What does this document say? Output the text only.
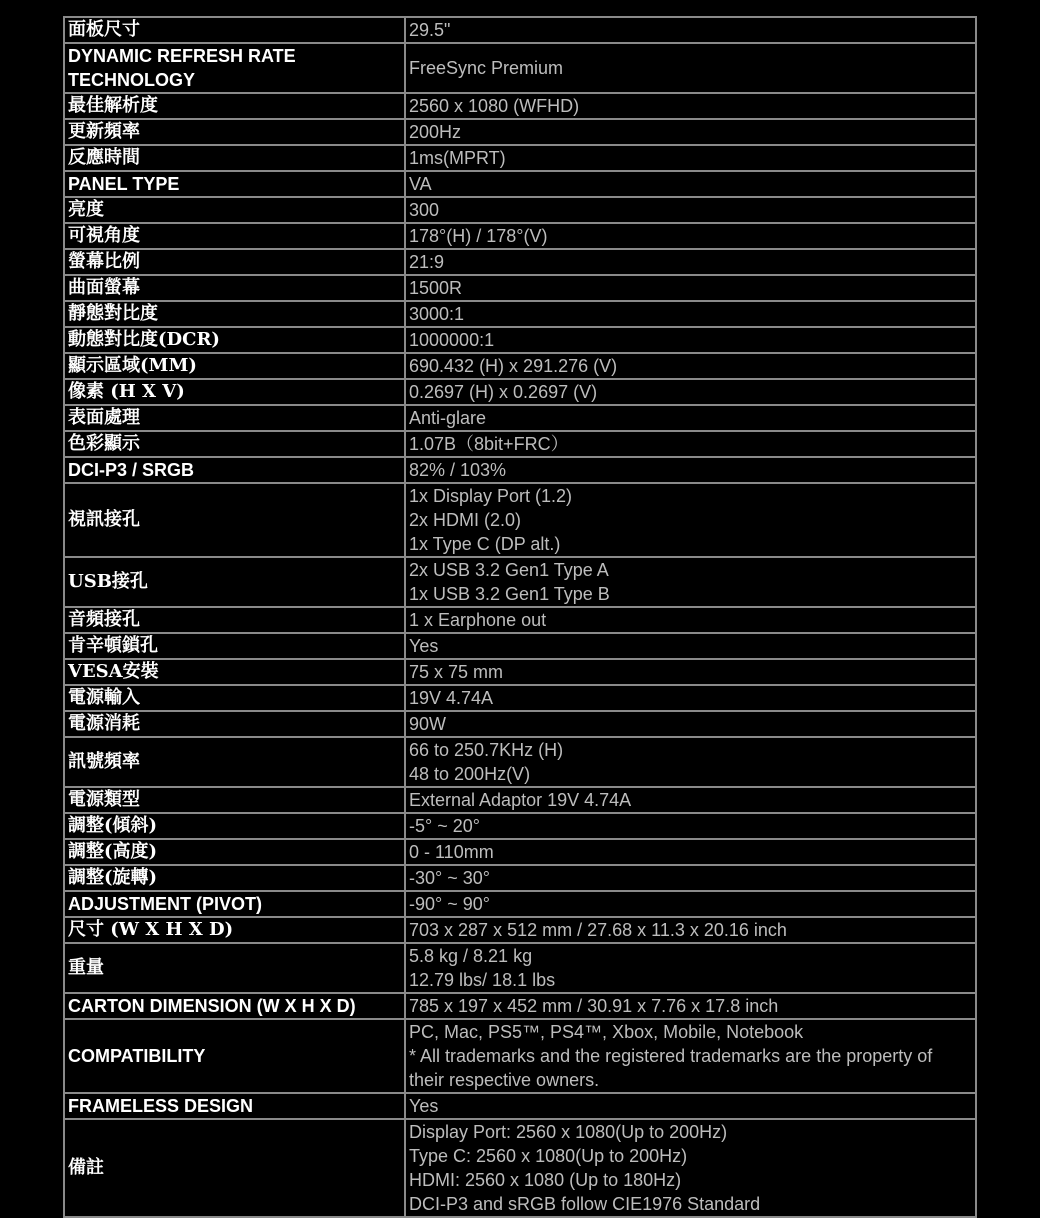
面板尺寸	29.5"

DYNAMIC REFRESH RATE TECHNOLOGY	FreeSync Premium

最佳解析度	2560 x 1080 (WFHD)

更新頻率	200Hz

反應時間	1ms(MPRT)

PANEL TYPE	VA

亮度	300

可視角度	178°(H) / 178°(V)

螢幕比例	21:9

曲面螢幕	1500R

靜態對比度	3000:1

動態對比度(DCR)	1000000:1

顯示區域(MM)	690.432 (H) x 291.276 (V)

像素 (H X V)	0.2697 (H) x 0.2697 (V)

表面處理	Anti-glare

色彩顯示	1.07B（8bit+FRC）

DCI-P3 / SRGB	82% / 103%

視訊接孔	1x Display Port (1.2)
2x HDMI (2.0)
1x Type C (DP alt.)

USB接孔	2x USB 3.2 Gen1 Type A
1x USB 3.2 Gen1 Type B

音頻接孔	1 x Earphone out

肯辛頓鎖孔	Yes

VESA安裝	75 x 75 mm

電源輸入	19V 4.74A

電源消耗	90W

訊號頻率	66 to 250.7KHz (H)
48 to 200Hz(V)

電源類型	External Adaptor 19V 4.74A

調整(傾斜)	-5° ~ 20°

調整(高度)	0 - 110mm

調整(旋轉)	-30° ~ 30°

ADJUSTMENT (PIVOT)	-90° ~ 90°

尺寸 (W X H X D)	703 x 287 x 512 mm / 27.68 x 11.3 x 20.16 inch

重量	5.8 kg / 8.21 kg
12.79 lbs/ 18.1 lbs

CARTON DIMENSION (W X H X D)	785 x 197 x 452 mm / 30.91 x 7.76 x 17.8 inch

COMPATIBILITY	PC, Mac, PS5™, PS4™, Xbox, Mobile, Notebook
* All trademarks and the registered trademarks are the property of
their respective owners.

FRAMELESS DESIGN	Yes

備註	Display Port: 2560 x 1080(Up to 200Hz)
Type C: 2560 x 1080(Up to 200Hz)
HDMI: 2560 x 1080 (Up to 180Hz)
DCI-P3 and sRGB follow CIE1976 Standard
